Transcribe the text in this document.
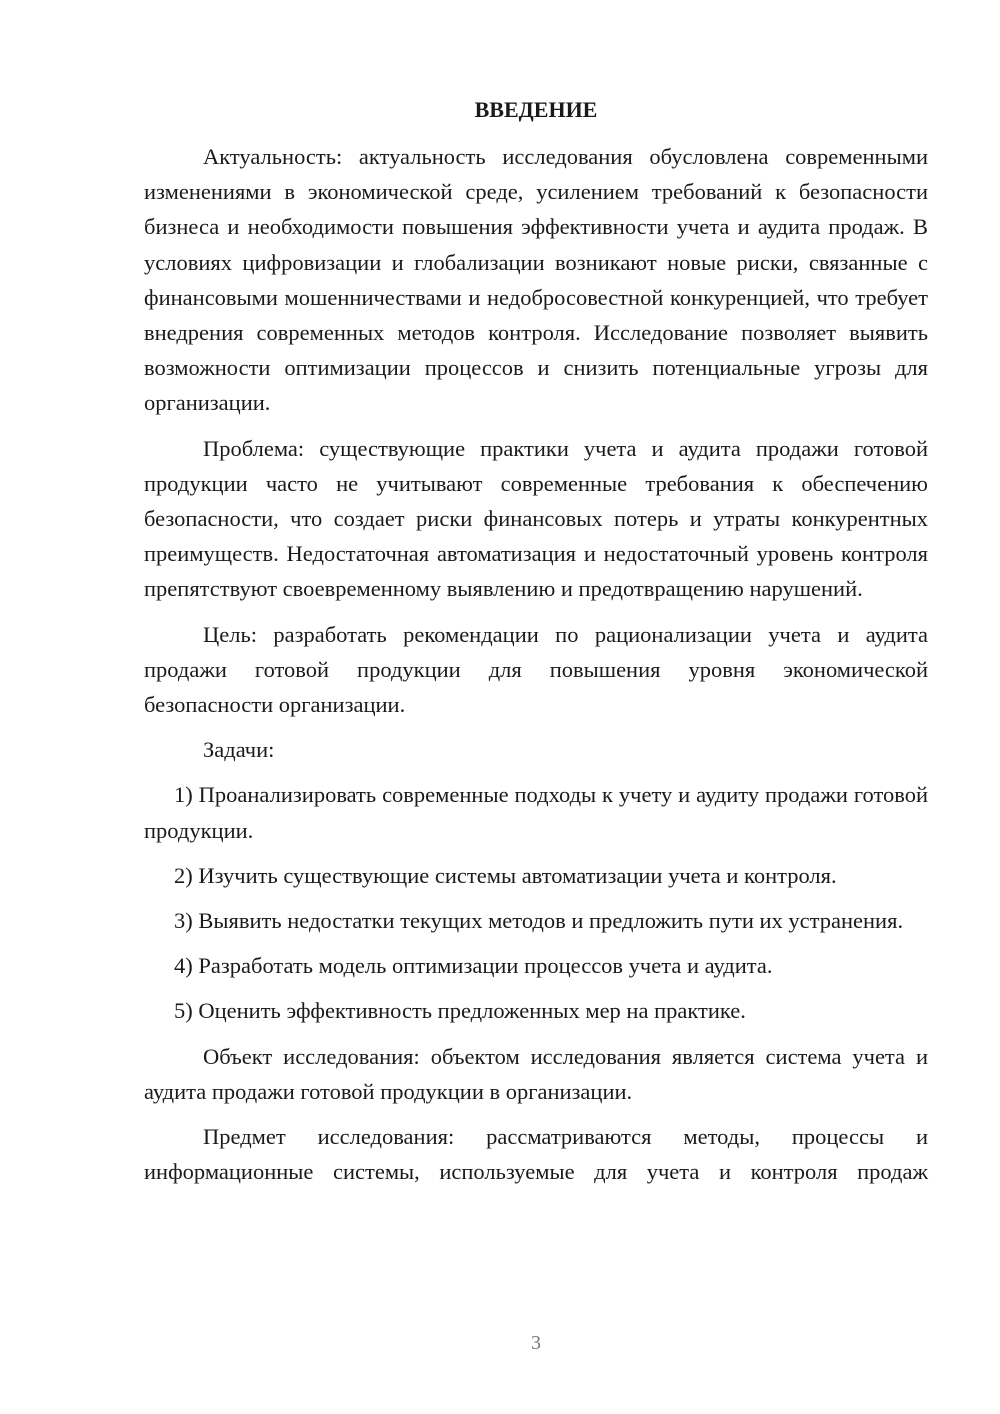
ВВЕДЕНИЕ

Актуальность: актуальность исследования обусловлена современными изменениями в экономической среде, усилением требований к безопасности бизнеса и необходимости повышения эффективности учета и аудита продаж. В условиях цифровизации и глобализации возникают новые риски, связанные с финансовыми мошенничествами и недобросовестной конкуренцией, что требует внедрения современных методов контроля. Исследование позволяет выявить возможности оптимизации процессов и снизить потенциальные угрозы для организации.

Проблема: существующие практики учета и аудита продажи готовой продукции часто не учитывают современные требования к обеспечению безопасности, что создает риски финансовых потерь и утраты конкурентных преимуществ. Недостаточная автоматизация и недостаточный уровень контроля препятствуют своевременному выявлению и предотвращению нарушений.

Цель: разработать рекомендации по рационализации учета и аудита продажи готовой продукции для повышения уровня экономической безопасности организации.

Задачи:

1) Проанализировать современные подходы к учету и аудиту продажи готовой продукции.

2) Изучить существующие системы автоматизации учета и контроля.

3) Выявить недостатки текущих методов и предложить пути их устранения.

4) Разработать модель оптимизации процессов учета и аудита.

5) Оценить эффективность предложенных мер на практике.

Объект исследования: объектом исследования является система учета и аудита продажи готовой продукции в организации.

Предмет исследования: рассматриваются методы, процессы и информационные системы, используемые для учета и контроля продаж

3
